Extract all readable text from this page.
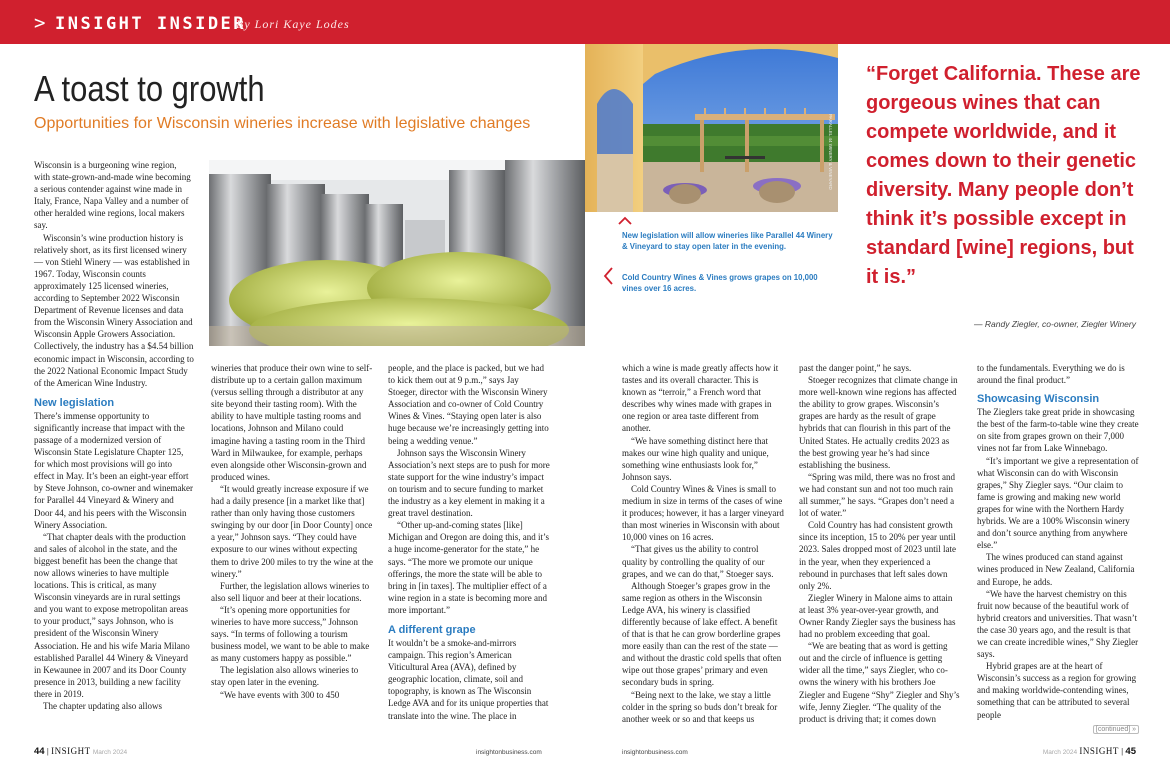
> INSIGHT INSIDER
By Lori Kaye Lodes
A toast to growth
Opportunities for Wisconsin wineries increase with legislative changes	PARALLEL 44 WINERY & VINEYARD
New legislation will allow wineries like Parallel 44 Winery & Vineyard to stay open later in the evening.
Cold Country Wines & Vines grows grapes on 10,000 vines over 16 acres.

“Forget California. These are gorgeous wines that can compete worldwide, and it comes down to their genetic diversity. Many people don’t think it’s possible except in standard [wine] regions, but it is.”

— Randy Ziegler, co-owner, Ziegler Winery

Wisconsin is a burgeoning wine region, with state-grown-and-made wine becoming a serious contender against wine made in Italy, France, Napa Valley and a number of other heralded wine regions, local makers say.

Wisconsin’s wine production history is relatively short, as its first licensed winery — von Stiehl Winery — was established in 1967. Today, Wisconsin counts approximately 125 licensed wineries, according to September 2022 Wisconsin Department of Revenue licenses and data from the Wisconsin Winery Association and Wisconsin Apple Growers Association. Collectively, the industry has a $4.54 billion economic impact in Wisconsin, according to the 2022 National Economic Impact Study of the American Wine Industry.

New legislation

There’s immense opportunity to significantly increase that impact with the passage of a modernized version of Wisconsin State Legislature Chapter 125, for which most provisions will go into effect in May. It’s been an eight-year effort by Steve Johnson, co-owner and winemaker for Parallel 44 Vineyard & Winery and Door 44, and his peers with the Wisconsin Winery Association.

“That chapter deals with the production and sales of alcohol in the state, and the biggest benefit has been the change that now allows wineries to have multiple locations. This is critical, as many Wisconsin vineyards are in rural settings and you want to expose metropolitan areas to your product,” says Johnson, who is president of the Wisconsin Winery Association. He and his wife Maria Milano established Parallel 44 Winery & Vineyard in Kewaunee in 2007 and its Door County presence in 2013, building a new facility there in 2019.

The chapter updating also allows

wineries that produce their own wine to self-distribute up to a certain gallon maximum (versus selling through a distributor at any site beyond their tasting room). With the ability to have multiple tasting rooms and locations, Johnson and Milano could imagine having a tasting room in the Third Ward in Milwaukee, for example, perhaps even alongside other Wisconsin-grown and produced wines.

“It would greatly increase exposure if we had a daily presence [in a market like that] rather than only having those customers swinging by our door [in Door County] once a year,” Johnson says. “They could have exposure to our wines without expecting them to drive 200 miles to try the wine at the winery.”

Further, the legislation allows wineries to also sell liquor and beer at their locations.

“It’s opening more opportunities for wineries to have more success,” Johnson says. “In terms of following a tourism business model, we want to be able to make as many customers happy as possible.”

The legislation also allows wineries to stay open later in the evening.

“We have events with 300 to 450

people, and the place is packed, but we had to kick them out at 9 p.m.,” says Jay Stoeger, director with the Wisconsin Winery Association and co-owner of Cold Country Wines & Vines. “Staying open later is also huge because we’re increasingly getting into being a wedding venue.”

Johnson says the Wisconsin Winery Association’s next steps are to push for more state support for the wine industry’s impact on tourism and to secure funding to market the industry as a key element in making it a great travel destination.

“Other up-and-coming states [like] Michigan and Oregon are doing this, and it’s a huge income-generator for the state,” he says. “The more we promote our unique offerings, the more the state will be able to bring in [in taxes]. The multiplier effect of a wine region in a state is becoming more and more important.”

A different grape

It wouldn’t be a smoke-and-mirrors campaign. This region’s American Viticultural Area (AVA), defined by geographic location, climate, soil and topography, is known as The Wisconsin Ledge AVA and for its unique properties that translate into the wine. The place in

which a wine is made greatly affects how it tastes and its overall character. This is known as “terroir,” a French word that describes why wines made with grapes in one region or area taste different from another.

“We have something distinct here that makes our wine high quality and unique, something wine enthusiasts look for,” Johnson says.

Cold Country Wines & Vines is small to medium in size in terms of the cases of wine it produces; however, it has a larger vineyard than most wineries in Wisconsin with about 10,000 vines on 16 acres.

“That gives us the ability to control quality by controlling the quality of our grapes, and we can do that,” Stoeger says.

Although Stoeger’s grapes grow in the same region as others in the Wisconsin Ledge AVA, his winery is classified differently because of lake effect. A benefit of that is that he can grow borderline grapes more easily than can the rest of the state — and without the drastic cold spells that often wipe out those grapes’ primary and even secondary buds in spring.

“Being next to the lake, we stay a little colder in the spring so buds don’t break for another week or so and that keeps us

past the danger point,” he says.

Stoeger recognizes that climate change in more well-known wine regions has affected the ability to grow grapes. Wisconsin’s grapes are hardy as the result of grape hybrids that can flourish in this part of the United States. He actually credits 2023 as the best growing year he’s had since establishing the business.

“Spring was mild, there was no frost and we had constant sun and not too much rain all summer,” he says. “Grapes don’t need a lot of water.”

Cold Country has had consistent growth since its inception, 15 to 20% per year until 2023. Sales dropped most of 2023 until late in the year, when they experienced a rebound in purchases that left sales down only 2%.

Ziegler Winery in Malone aims to attain at least 3% year-over-year growth, and Owner Randy Ziegler says the business has had no problem exceeding that goal.

“We are beating that as word is getting out and the circle of influence is getting wider all the time,” says Ziegler, who co-owns the winery with his brothers Joe Ziegler and Eugene “Shy” Ziegler and Shy’s wife, Jenny Ziegler. “The quality of the product is driving that; it comes down

to the fundamentals. Everything we do is around the final product.”

Showcasing Wisconsin

The Zieglers take great pride in showcasing the best of the farm-to-table wine they create on site from grapes grown on their 7,000 vines not far from Lake Winnebago.

“It’s important we give a representation of what Wisconsin can do with Wisconsin grapes,” Shy Ziegler says. “Our claim to fame is growing and making new world grapes for wine with the Northern Hardy hybrids. We are a 100% Wisconsin winery and don’t source anything from anywhere else.”

The wines produced can stand against wines produced in New Zealand, California and Europe, he adds.

“We have the harvest chemistry on this fruit now because of the beautiful work of hybrid creators and universities. That wasn’t the case 30 years ago, and the result is that we can create incredible wines,” Shy Ziegler says.

Hybrid grapes are at the heart of Wisconsin’s success as a region for growing and making worldwide-contending wines, something that can be attributed to several people

[continued] »
44 | INSIGHT March 2024	insightonbusiness.com	insightonbusiness.com	March 2024 INSIGHT | 45
